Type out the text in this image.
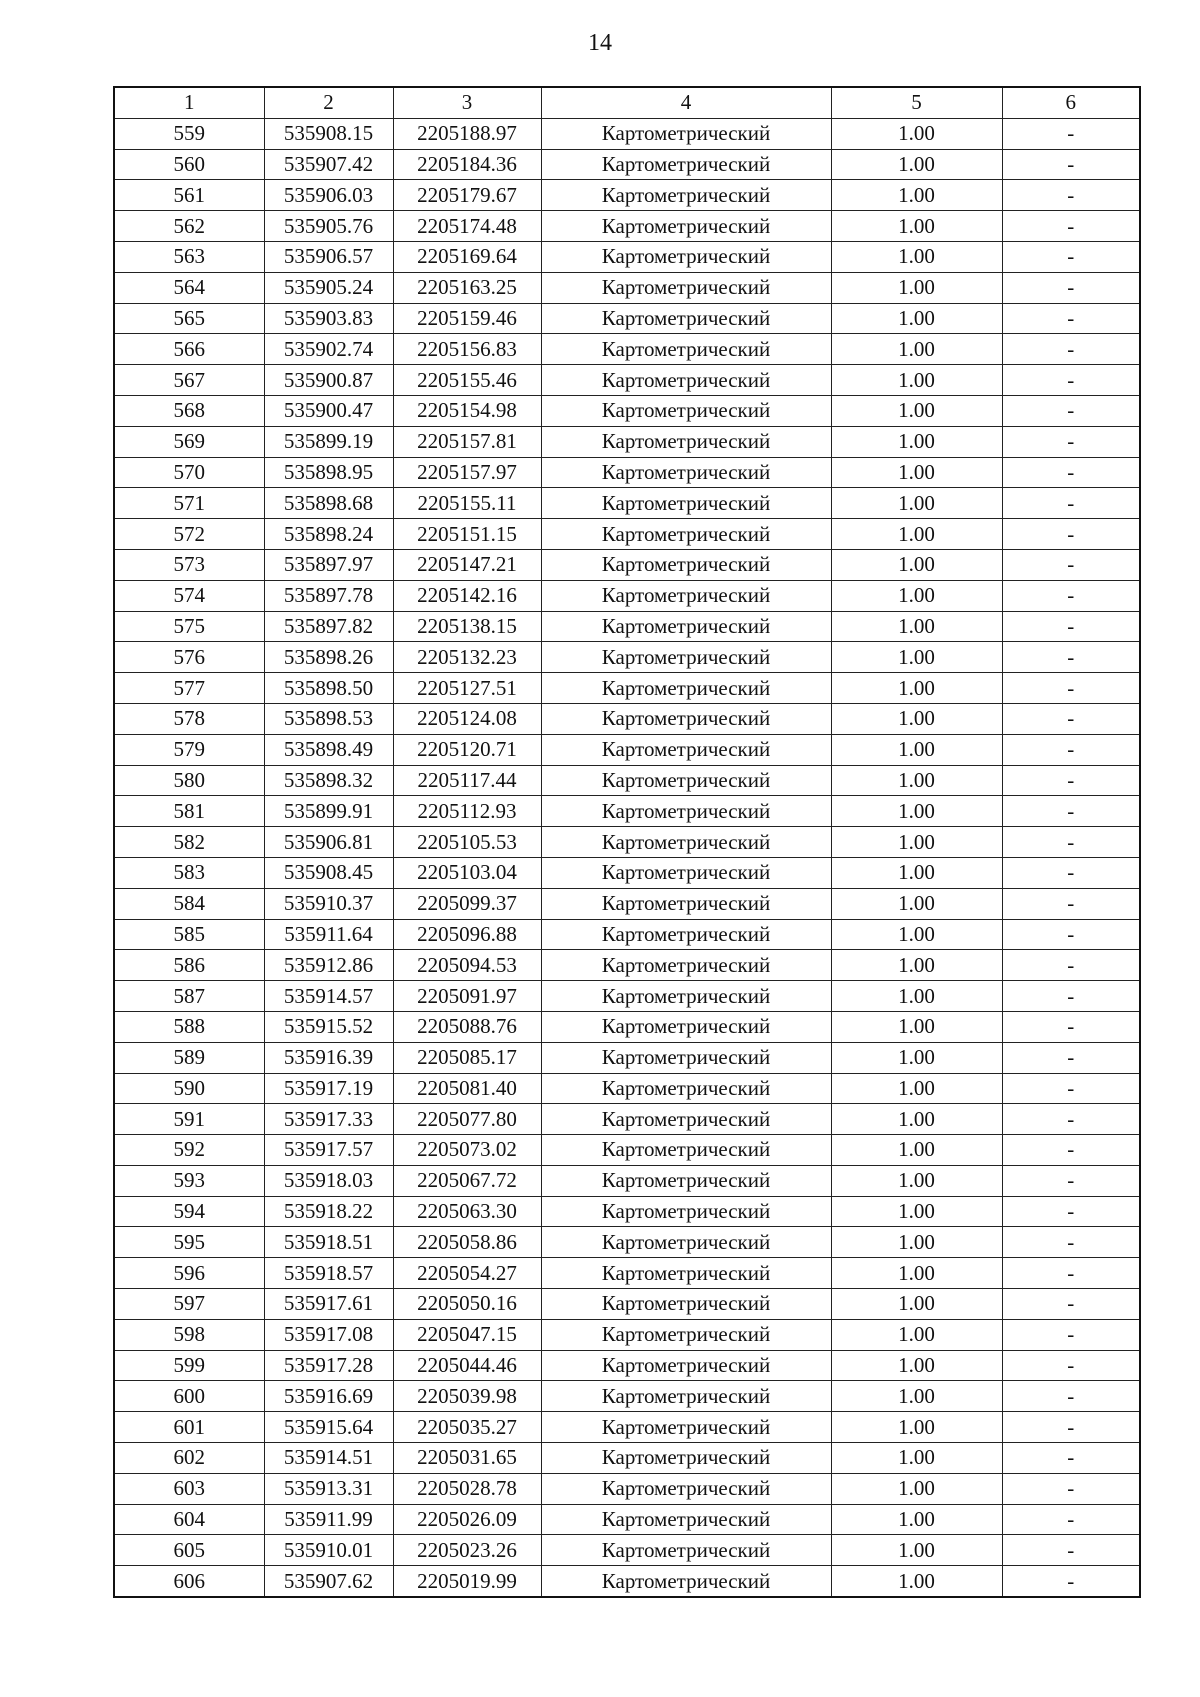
14
1	2	3	4	5	6
559	535908.15	2205188.97	Картометрический	1.00	-
560	535907.42	2205184.36	Картометрический	1.00	-
561	535906.03	2205179.67	Картометрический	1.00	-
562	535905.76	2205174.48	Картометрический	1.00	-
563	535906.57	2205169.64	Картометрический	1.00	-
564	535905.24	2205163.25	Картометрический	1.00	-
565	535903.83	2205159.46	Картометрический	1.00	-
566	535902.74	2205156.83	Картометрический	1.00	-
567	535900.87	2205155.46	Картометрический	1.00	-
568	535900.47	2205154.98	Картометрический	1.00	-
569	535899.19	2205157.81	Картометрический	1.00	-
570	535898.95	2205157.97	Картометрический	1.00	-
571	535898.68	2205155.11	Картометрический	1.00	-
572	535898.24	2205151.15	Картометрический	1.00	-
573	535897.97	2205147.21	Картометрический	1.00	-
574	535897.78	2205142.16	Картометрический	1.00	-
575	535897.82	2205138.15	Картометрический	1.00	-
576	535898.26	2205132.23	Картометрический	1.00	-
577	535898.50	2205127.51	Картометрический	1.00	-
578	535898.53	2205124.08	Картометрический	1.00	-
579	535898.49	2205120.71	Картометрический	1.00	-
580	535898.32	2205117.44	Картометрический	1.00	-
581	535899.91	2205112.93	Картометрический	1.00	-
582	535906.81	2205105.53	Картометрический	1.00	-
583	535908.45	2205103.04	Картометрический	1.00	-
584	535910.37	2205099.37	Картометрический	1.00	-
585	535911.64	2205096.88	Картометрический	1.00	-
586	535912.86	2205094.53	Картометрический	1.00	-
587	535914.57	2205091.97	Картометрический	1.00	-
588	535915.52	2205088.76	Картометрический	1.00	-
589	535916.39	2205085.17	Картометрический	1.00	-
590	535917.19	2205081.40	Картометрический	1.00	-
591	535917.33	2205077.80	Картометрический	1.00	-
592	535917.57	2205073.02	Картометрический	1.00	-
593	535918.03	2205067.72	Картометрический	1.00	-
594	535918.22	2205063.30	Картометрический	1.00	-
595	535918.51	2205058.86	Картометрический	1.00	-
596	535918.57	2205054.27	Картометрический	1.00	-
597	535917.61	2205050.16	Картометрический	1.00	-
598	535917.08	2205047.15	Картометрический	1.00	-
599	535917.28	2205044.46	Картометрический	1.00	-
600	535916.69	2205039.98	Картометрический	1.00	-
601	535915.64	2205035.27	Картометрический	1.00	-
602	535914.51	2205031.65	Картометрический	1.00	-
603	535913.31	2205028.78	Картометрический	1.00	-
604	535911.99	2205026.09	Картометрический	1.00	-
605	535910.01	2205023.26	Картометрический	1.00	-
606	535907.62	2205019.99	Картометрический	1.00	-
